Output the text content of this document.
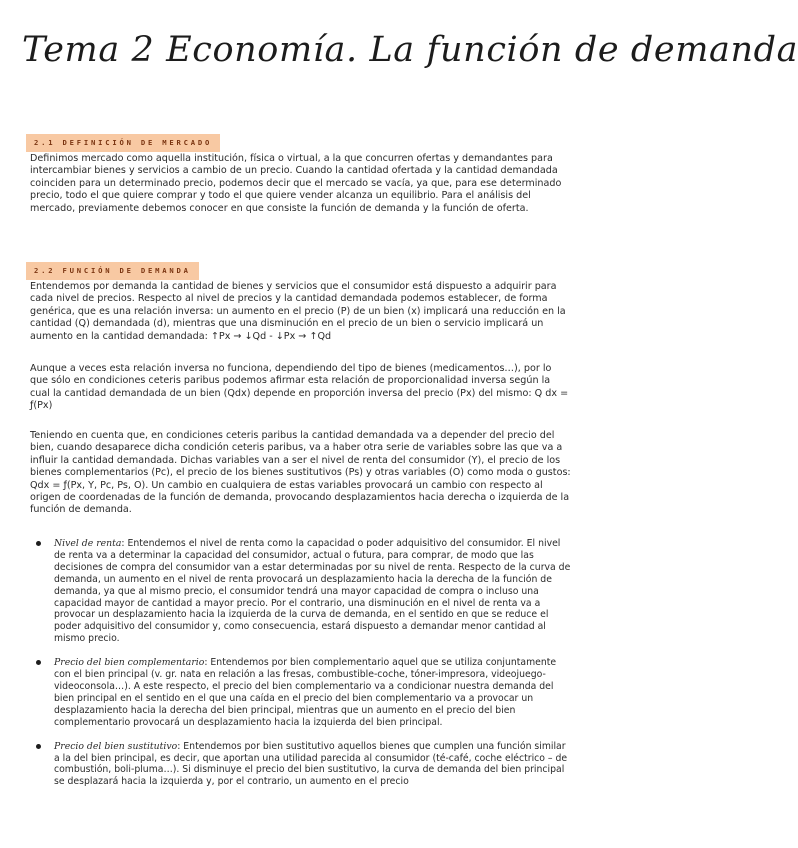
Tema 2 Economía. La función de demanda
2.1 DEFINICIÓN DE MERCADO

Definimos mercado como aquella institución, física o virtual, a la que concurren ofertas y demandantes para intercambiar bienes y servicios a cambio de un precio. Cuando la cantidad ofertada y la cantidad demandada coinciden para un determinado precio, podemos decir que el mercado se vacía, ya que, para ese determinado precio, todo el que quiere comprar y todo el que quiere vender alcanza un equilibrio. Para el análisis del mercado, previamente debemos conocer en que consiste la función de demanda y la función de oferta.

2.2 FUNCIÓN DE DEMANDA

Entendemos por demanda la cantidad de bienes y servicios que el consumidor está dispuesto a adquirir para cada nivel de precios. Respecto al nivel de precios y la cantidad demandada podemos establecer, de forma genérica, que es una relación inversa: un aumento en el precio (P) de un bien (x) implicará una reducción en la cantidad (Q) demandada (d), mientras que una disminución en el precio de un bien o servicio implicará un aumento en la cantidad demandada: ↑Px → ↓Qd - ↓Px → ↑Qd

Aunque a veces esta relación inversa no funciona, dependiendo del tipo de bienes (medicamentos…), por lo que sólo en condiciones ceteris paribus podemos afirmar esta relación de proporcionalidad inversa según la cual la cantidad demandada de un bien (Qdx) depende en proporción inversa del precio (Px) del mismo: Q dx = ƒ(Px)

Teniendo en cuenta que, en condiciones ceteris paribus la cantidad demandada va a depender del precio del bien, cuando desaparece dicha condición ceteris paribus, va a haber otra serie de variables sobre las que va a influir la cantidad demandada. Dichas variables van a ser el nivel de renta del consumidor (Y), el precio de los bienes complementarios (Pc), el precio de los bienes sustitutivos (Ps) y otras variables (O) como moda o gustos: Qdx = ƒ(Px, Y, Pc, Ps, O). Un cambio en cualquiera de estas variables provocará un cambio con respecto al origen de coordenadas de la función de demanda, provocando desplazamientos hacia derecha o izquierda de la función de demanda.

Nivel de renta: Entendemos el nivel de renta como la capacidad o poder adquisitivo del consumidor. El nivel de renta va a determinar la capacidad del consumidor, actual o futura, para comprar, de modo que las decisiones de compra del consumidor van a estar determinadas por su nivel de renta. Respecto de la curva de demanda, un aumento en el nivel de renta provocará un desplazamiento hacia la derecha de la función de demanda, ya que al mismo precio, el consumidor tendrá una mayor capacidad de compra o incluso una capacidad mayor de cantidad a mayor precio. Por el contrario, una disminución en el nivel de renta va a provocar un desplazamiento hacia la izquierda de la curva de demanda, en el sentido en que se reduce el poder adquisitivo del consumidor y, como consecuencia, estará dispuesto a demandar menor cantidad al mismo precio.
Precio del bien complementario: Entendemos por bien complementario aquel que se utiliza conjuntamente con el bien principal (v. gr. nata en relación a las fresas, combustible-coche, tóner-impresora, videojuego-videoconsola…). A este respecto, el precio del bien complementario va a condicionar nuestra demanda del bien principal en el sentido en el que una caída en el precio del bien complementario va a provocar un desplazamiento hacia la derecha del bien principal, mientras que un aumento en el precio del bien complementario provocará un desplazamiento hacia la izquierda del bien principal.
Precio del bien sustitutivo: Entendemos por bien sustitutivo aquellos bienes que cumplen una función similar a la del bien principal, es decir, que aportan una utilidad parecida al consumidor (té-café, coche eléctrico – de combustión, boli-pluma…). Si disminuye el precio del bien sustitutivo, la curva de demanda del bien principal se desplazará hacia la izquierda y, por el contrario, un aumento en el precio
